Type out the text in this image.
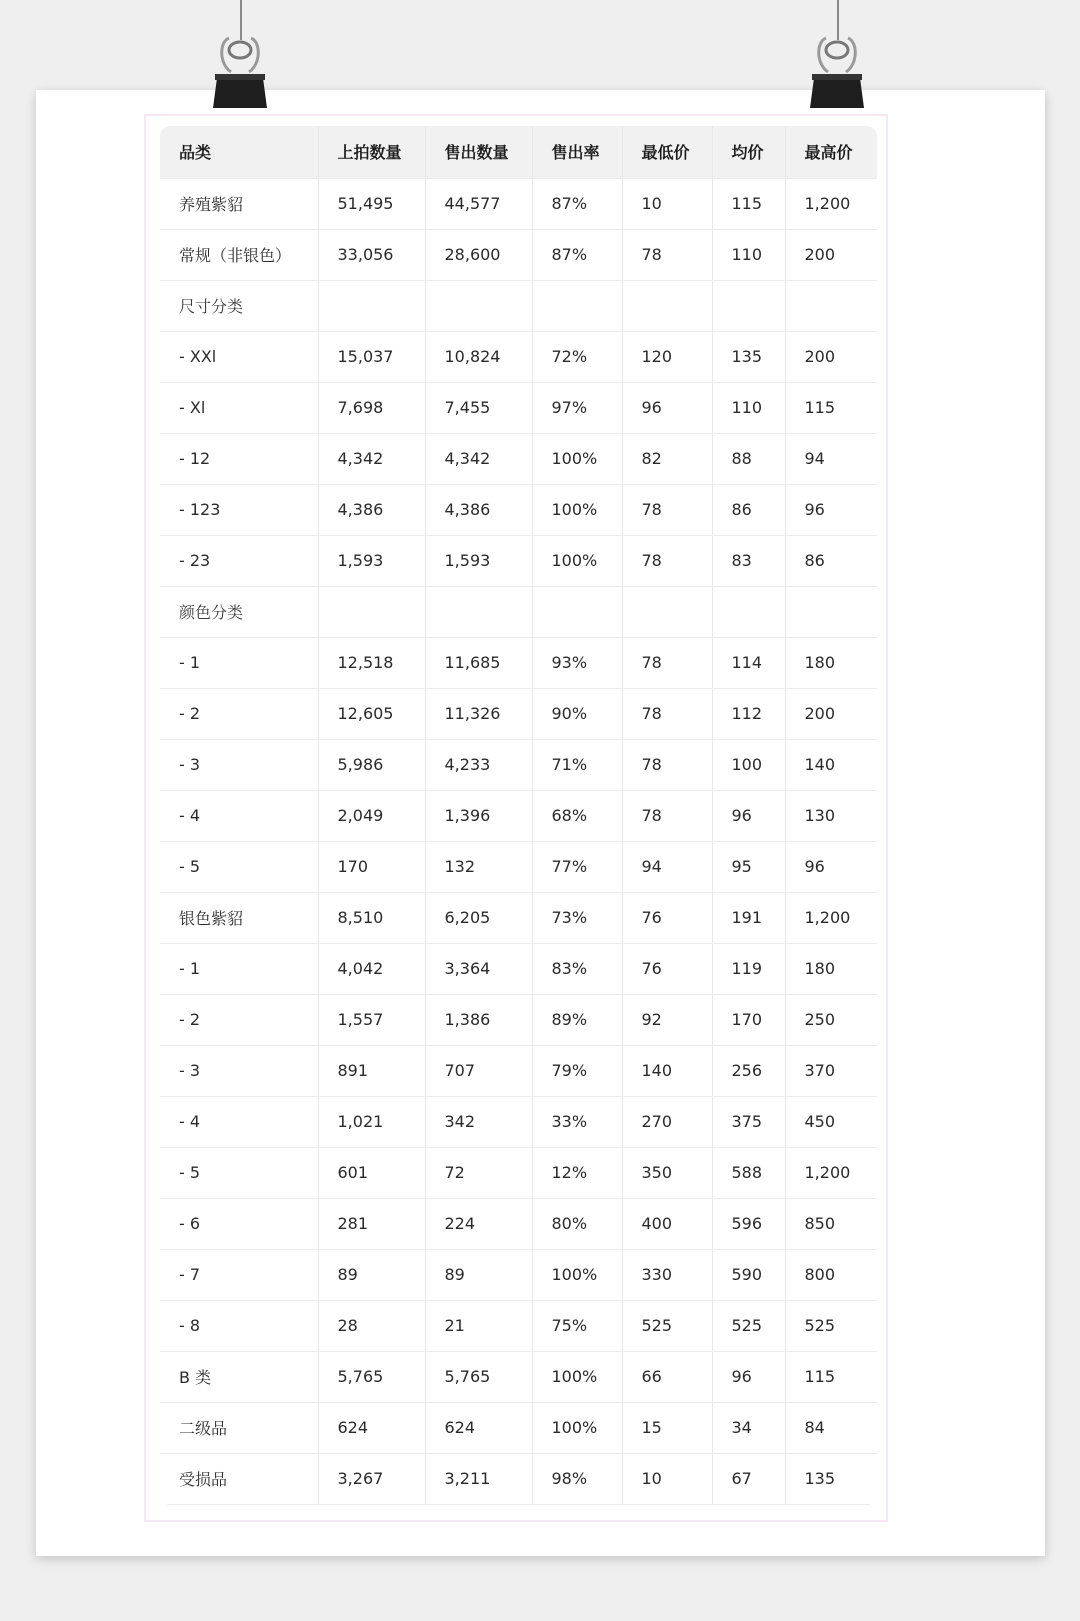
品类	上拍数量	售出数量	售出率	最低价	均价	最高价
养殖紫貂	51,495	44,577	87%	10	115	1,200
常规（非银色）	33,056	28,600	87%	78	110	200
尺寸分类						
- XXl	15,037	10,824	72%	120	135	200
- Xl	7,698	7,455	97%	96	110	115
- 12	4,342	4,342	100%	82	88	94
- 123	4,386	4,386	100%	78	86	96
- 23	1,593	1,593	100%	78	83	86
颜色分类						
- 1	12,518	11,685	93%	78	114	180
- 2	12,605	11,326	90%	78	112	200
- 3	5,986	4,233	71%	78	100	140
- 4	2,049	1,396	68%	78	96	130
- 5	170	132	77%	94	95	96
银色紫貂	8,510	6,205	73%	76	191	1,200
- 1	4,042	3,364	83%	76	119	180
- 2	1,557	1,386	89%	92	170	250
- 3	891	707	79%	140	256	370
- 4	1,021	342	33%	270	375	450
- 5	601	72	12%	350	588	1,200
- 6	281	224	80%	400	596	850
- 7	89	89	100%	330	590	800
- 8	28	21	75%	525	525	525
B 类	5,765	5,765	100%	66	96	115
二级品	624	624	100%	15	34	84
受损品	3,267	3,211	98%	10	67	135
